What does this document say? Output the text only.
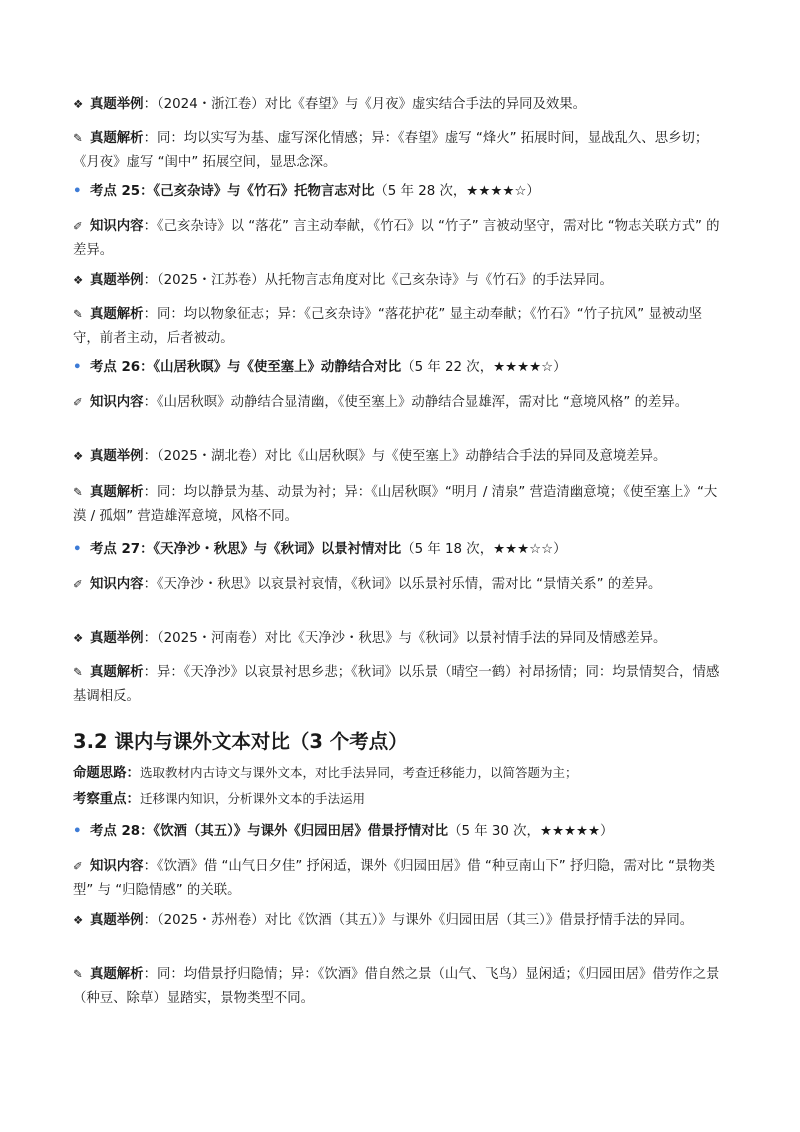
❖ 真题举例：（2024・浙江卷）对比《春望》与《月夜》虚实结合手法的异同及效果。

✎ 真题解析：同：均以实写为基、虚写深化情感；异：《春望》虚写 “烽火” 拓展时间，显战乱久、思乡切；《月夜》虚写 “闺中” 拓展空间，显思念深。

• 考点 25：《己亥杂诗》与《竹石》托物言志对比（5 年 28 次，★★★★☆）

✐ 知识内容：《己亥杂诗》以 “落花” 言主动奉献，《竹石》以 “竹子” 言被动坚守，需对比 “物志关联方式” 的差异。

❖ 真题举例：（2025・江苏卷）从托物言志角度对比《己亥杂诗》与《竹石》的手法异同。

✎ 真题解析：同：均以物象征志；异：《己亥杂诗》“落花护花” 显主动奉献；《竹石》“竹子抗风” 显被动坚守，前者主动，后者被动。

• 考点 26：《山居秋暝》与《使至塞上》动静结合对比（5 年 22 次，★★★★☆）

✐ 知识内容：《山居秋暝》动静结合显清幽，《使至塞上》动静结合显雄浑，需对比 “意境风格” 的差异。

❖ 真题举例：（2025・湖北卷）对比《山居秋暝》与《使至塞上》动静结合手法的异同及意境差异。

✎ 真题解析：同：均以静景为基、动景为衬；异：《山居秋暝》“明月 / 清泉” 营造清幽意境；《使至塞上》“大漠 / 孤烟” 营造雄浑意境，风格不同。

• 考点 27：《天净沙・秋思》与《秋词》以景衬情对比（5 年 18 次，★★★☆☆）

✐ 知识内容：《天净沙・秋思》以哀景衬哀情，《秋词》以乐景衬乐情，需对比 “景情关系” 的差异。

❖ 真题举例：（2025・河南卷）对比《天净沙・秋思》与《秋词》以景衬情手法的异同及情感差异。

✎ 真题解析：异：《天净沙》以哀景衬思乡悲；《秋词》以乐景（晴空一鹤）衬昂扬情；同：均景情契合，情感基调相反。

3.2 课内与课外文本对比（3 个考点）

命题思路：选取教材内古诗文与课外文本，对比手法异同，考查迁移能力，以简答题为主；

考察重点：迁移课内知识，分析课外文本的手法运用

• 考点 28：《饮酒（其五）》与课外《归园田居》借景抒情对比（5 年 30 次，★★★★★）

✐ 知识内容：《饮酒》借 “山气日夕佳” 抒闲适，课外《归园田居》借 “种豆南山下” 抒归隐，需对比 “景物类型” 与 “归隐情感” 的关联。

❖ 真题举例：（2025・苏州卷）对比《饮酒（其五）》与课外《归园田居（其三）》借景抒情手法的异同。

✎ 真题解析：同：均借景抒归隐情；异：《饮酒》借自然之景（山气、飞鸟）显闲适；《归园田居》借劳作之景（种豆、除草）显踏实，景物类型不同。
